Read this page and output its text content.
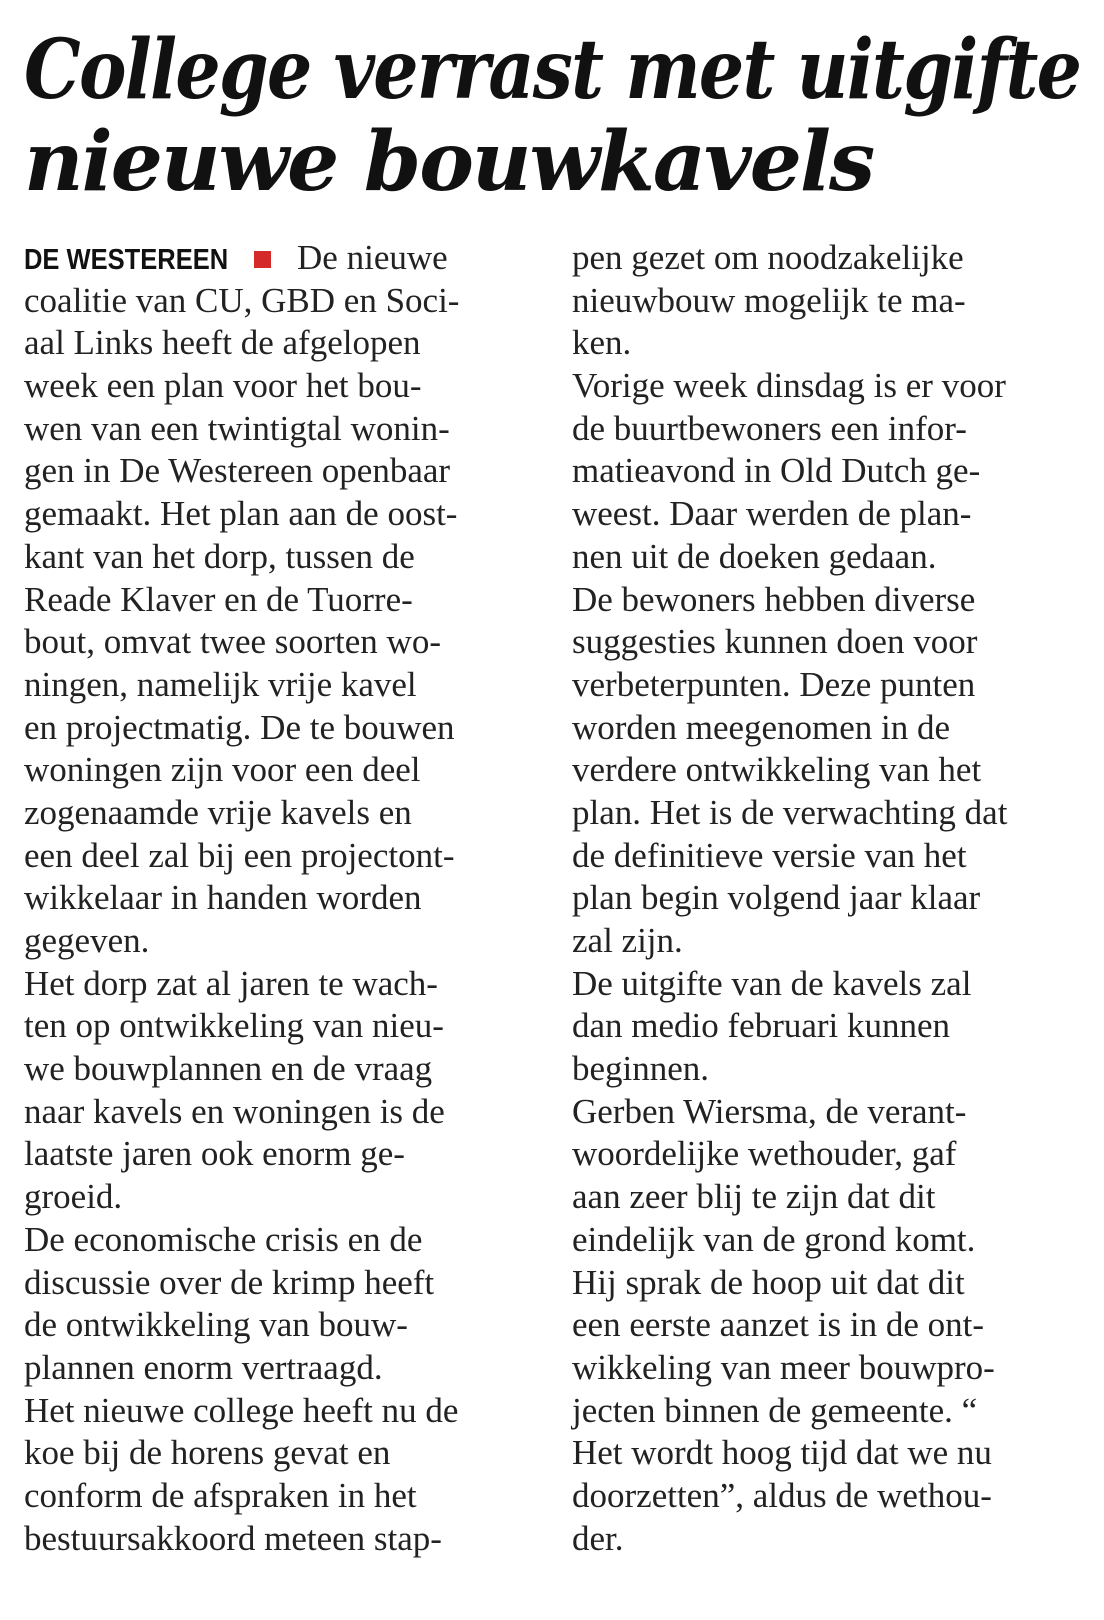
College verrast met uitgifte
nieuwe bouwkavels
DE WESTEREEN De nieuwe
coalitie van CU, GBD en Soci-
aal Links heeft de afgelopen
week een plan voor het bou-
wen van een twintigtal wonin-
gen in De Westereen openbaar
gemaakt. Het plan aan de oost-
kant van het dorp, tussen de
Reade Klaver en de Tuorre-
bout, omvat twee soorten wo-
ningen, namelijk vrije kavel
en projectmatig. De te bouwen
woningen zijn voor een deel
zogenaamde vrije kavels en
een deel zal bij een projectont-
wikkelaar in handen worden
gegeven.
Het dorp zat al jaren te wach-
ten op ontwikkeling van nieu-
we bouwplannen en de vraag
naar kavels en woningen is de
laatste jaren ook enorm ge-
groeid.
De economische crisis en de
discussie over de krimp heeft
de ontwikkeling van bouw-
plannen enorm vertraagd.
Het nieuwe college heeft nu de
koe bij de horens gevat en
conform de afspraken in het
bestuursakkoord meteen stap-
pen gezet om noodzakelijke
nieuwbouw mogelijk te ma-
ken.
Vorige week dinsdag is er voor
de buurtbewoners een infor-
matieavond in Old Dutch ge-
weest. Daar werden de plan-
nen uit de doeken gedaan.
De bewoners hebben diverse
suggesties kunnen doen voor
verbeterpunten. Deze punten
worden meegenomen in de
verdere ontwikkeling van het
plan. Het is de verwachting dat
de definitieve versie van het
plan begin volgend jaar klaar
zal zijn.
De uitgifte van de kavels zal
dan medio februari kunnen
beginnen.
Gerben Wiersma, de verant-
woordelijke wethouder, gaf
aan zeer blij te zijn dat dit
eindelijk van de grond komt.
Hij sprak de hoop uit dat dit
een eerste aanzet is in de ont-
wikkeling van meer bouwpro-
jecten binnen de gemeente. “
Het wordt hoog tijd dat we nu
doorzetten”, aldus de wethou-
der.
